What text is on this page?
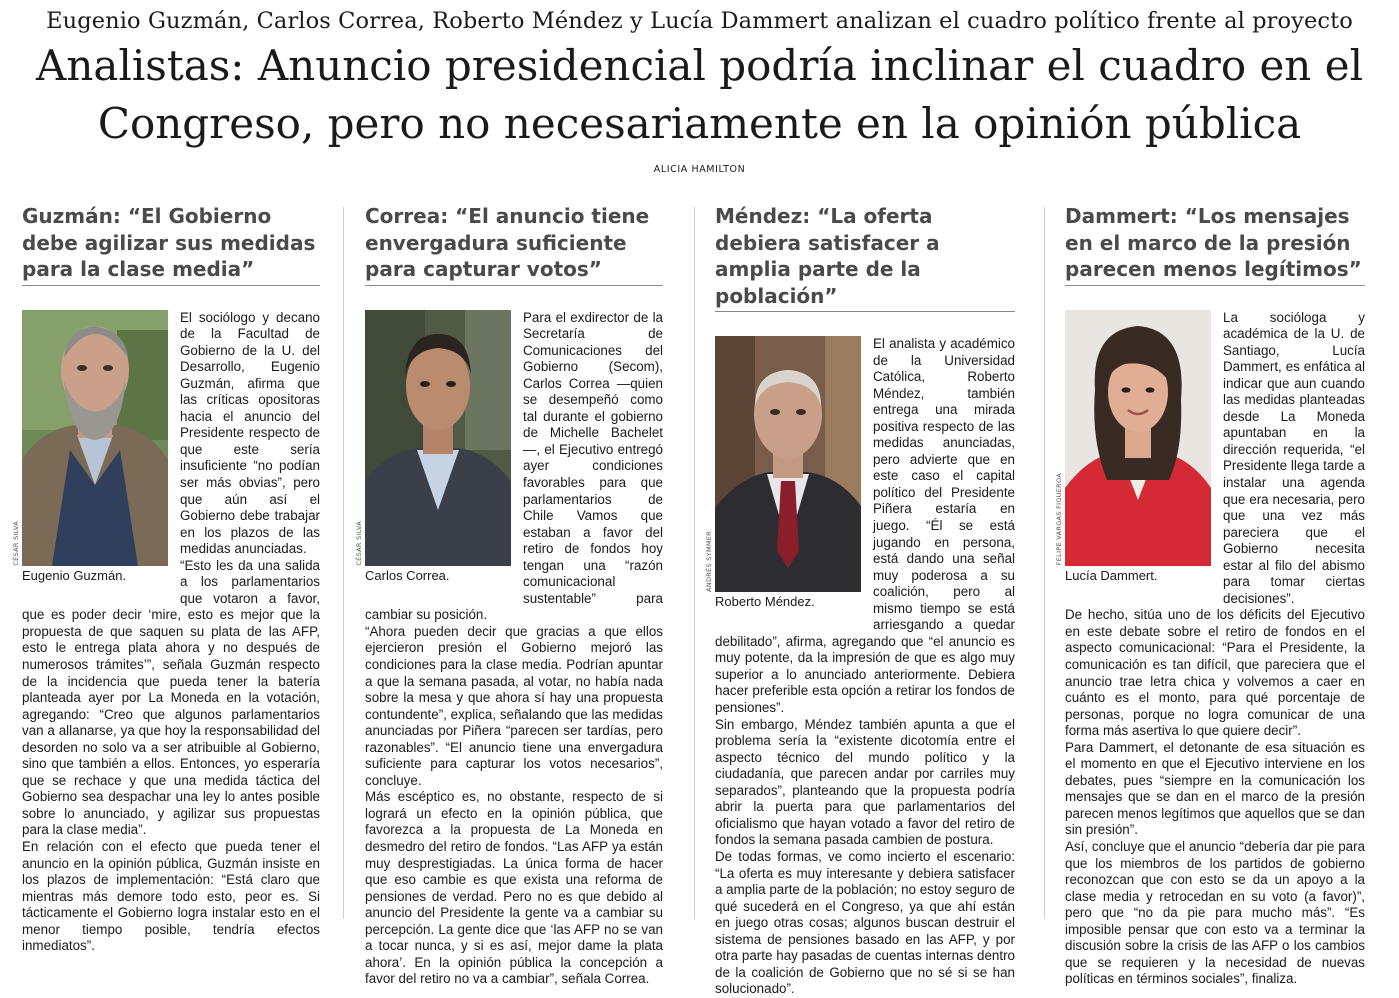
Eugenio Guzmán, Carlos Correa, Roberto Méndez y Lucía Dammert analizan el cuadro político frente al proyecto
Analistas: Anuncio presidencial podría inclinar el cuadro en el Congreso, pero no necesariamente en la opinión pública
ALICIA HAMILTON
Guzmán: “El Gobierno debe agilizar sus medidas para la clase media”
CÉSAR SILVA
Eugenio Guzmán.

El sociólogo y decano de la Facultad de Gobierno de la U. del Desarrollo, Eugenio Guzmán, afirma que las críticas opositoras hacia el anuncio del Presidente respecto de que este sería insuficiente “no podían ser más obvias”, pero que aún así el Gobierno debe trabajar en los plazos de las medidas anunciadas.

“Esto les da una salida a los parlamentarios que votaron a favor, que es poder decir ‘mire, esto es mejor que la propuesta de que saquen su plata de las AFP, esto le entrega plata ahora y no después de numerosos trámites’”, señala Guzmán respecto de la incidencia que pueda tener la batería planteada ayer por La Moneda en la votación, agregando: “Creo que algunos parlamentarios van a allanarse, ya que hoy la responsabilidad del desorden no solo va a ser atribuible al Gobierno, sino que también a ellos. Entonces, yo esperaría que se rechace y que una medida táctica del Gobierno sea despachar una ley lo antes posible sobre lo anunciado, y agilizar sus propuestas para la clase media”.

En relación con el efecto que pueda tener el anuncio en la opinión pública, Guzmán insiste en los plazos de implementación: “Está claro que mientras más demore todo esto, peor es. Si tácticamente el Gobierno logra instalar esto en el menor tiempo posible, tendría efectos inmediatos”.

Correa: “El anuncio tiene envergadura suficiente para capturar votos”
CÉSAR SILVA
Carlos Correa.

Para el exdirector de la Secretaría de Comunicaciones del Gobierno (Secom), Carlos Correa —quien se desempeñó como tal durante el gobierno de Michelle Bachelet—, el Ejecutivo entregó ayer condiciones favorables para que parlamentarios de Chile Vamos que estaban a favor del retiro de fondos hoy tengan una “razón comunicacional sustentable” para cambiar su posición.

“Ahora pueden decir que gracias a que ellos ejercieron presión el Gobierno mejoró las condiciones para la clase media. Podrían apuntar a que la semana pasada, al votar, no había nada sobre la mesa y que ahora sí hay una propuesta contundente”, explica, señalando que las medidas anunciadas por Piñera “parecen ser tardías, pero razonables”. “El anuncio tiene una envergadura suficiente para capturar los votos necesarios”, concluye.

Más escéptico es, no obstante, respecto de si logrará un efecto en la opinión pública, que favorezca a la propuesta de La Moneda en desmedro del retiro de fondos. “Las AFP ya están muy desprestigiadas. La única forma de hacer que eso cambie es que exista una reforma de pensiones de verdad. Pero no es que debido al anuncio del Presidente la gente va a cambiar su percepción. La gente dice que ‘las AFP no se van a tocar nunca, y si es así, mejor dame la plata ahora’. En la opinión pública la concepción a favor del retiro no va a cambiar”, señala Correa.

Méndez: “La oferta debiera satisfacer a amplia parte de la población”
ANDRÉS SYMMER
Roberto Méndez.

El analista y académico de la Universidad Católica, Roberto Méndez, también entrega una mirada positiva respecto de las medidas anunciadas, pero advierte que en este caso el capital político del Presidente Piñera estaría en juego. “Él se está jugando en persona, está dando una señal muy poderosa a su coalición, pero al mismo tiempo se está arriesgando a quedar debilitado”, afirma, agregando que “el anuncio es muy potente, da la impresión de que es algo muy superior a lo anunciado anteriormente. Debiera hacer preferible esta opción a retirar los fondos de pensiones”.

Sin embargo, Méndez también apunta a que el problema sería la “existente dicotomía entre el aspecto técnico del mundo político y la ciudadanía, que parecen andar por carriles muy separados”, planteando que la propuesta podría abrir la puerta para que parlamentarios del oficialismo que hayan votado a favor del retiro de fondos la semana pasada cambien de postura.

De todas formas, ve como incierto el escenario: “La oferta es muy interesante y debiera satisfacer a amplia parte de la población; no estoy seguro de qué sucederá en el Congreso, ya que ahí están en juego otras cosas; algunos buscan destruir el sistema de pensiones basado en las AFP, y por otra parte hay pasadas de cuentas internas dentro de la coalición de Gobierno que no sé si se han solucionado”.

Dammert: “Los mensajes en el marco de la presión parecen menos legítimos”
FELIPE VARGAS FIGUEROA
Lucía Dammert.

La socióloga y académica de la U. de Santiago, Lucía Dammert, es enfática al indicar que aun cuando las medidas planteadas desde La Moneda apuntaban en la dirección requerida, “el Presidente llega tarde a instalar una agenda que era necesaria, pero que una vez más pareciera que el Gobierno necesita estar al filo del abismo para tomar ciertas decisiones”.

De hecho, sitúa uno de los déficits del Ejecutivo en este debate sobre el retiro de fondos en el aspecto comunicacional: “Para el Presidente, la comunicación es tan difícil, que pareciera que el anuncio trae letra chica y volvemos a caer en cuánto es el monto, para qué porcentaje de personas, porque no logra comunicar de una forma más asertiva lo que quiere decir”.

Para Dammert, el detonante de esa situación es el momento en que el Ejecutivo interviene en los debates, pues “siempre en la comunicación los mensajes que se dan en el marco de la presión parecen menos legítimos que aquellos que se dan sin presión”.

Así, concluye que el anuncio “debería dar pie para que los miembros de los partidos de gobierno reconozcan que con esto se da un apoyo a la clase media y retrocedan en su voto (a favor)”, pero que “no da pie para mucho más”. “Es imposible pensar que con esto va a terminar la discusión sobre la crisis de las AFP o los cambios que se requieren y la necesidad de nuevas políticas en términos sociales”, finaliza.
